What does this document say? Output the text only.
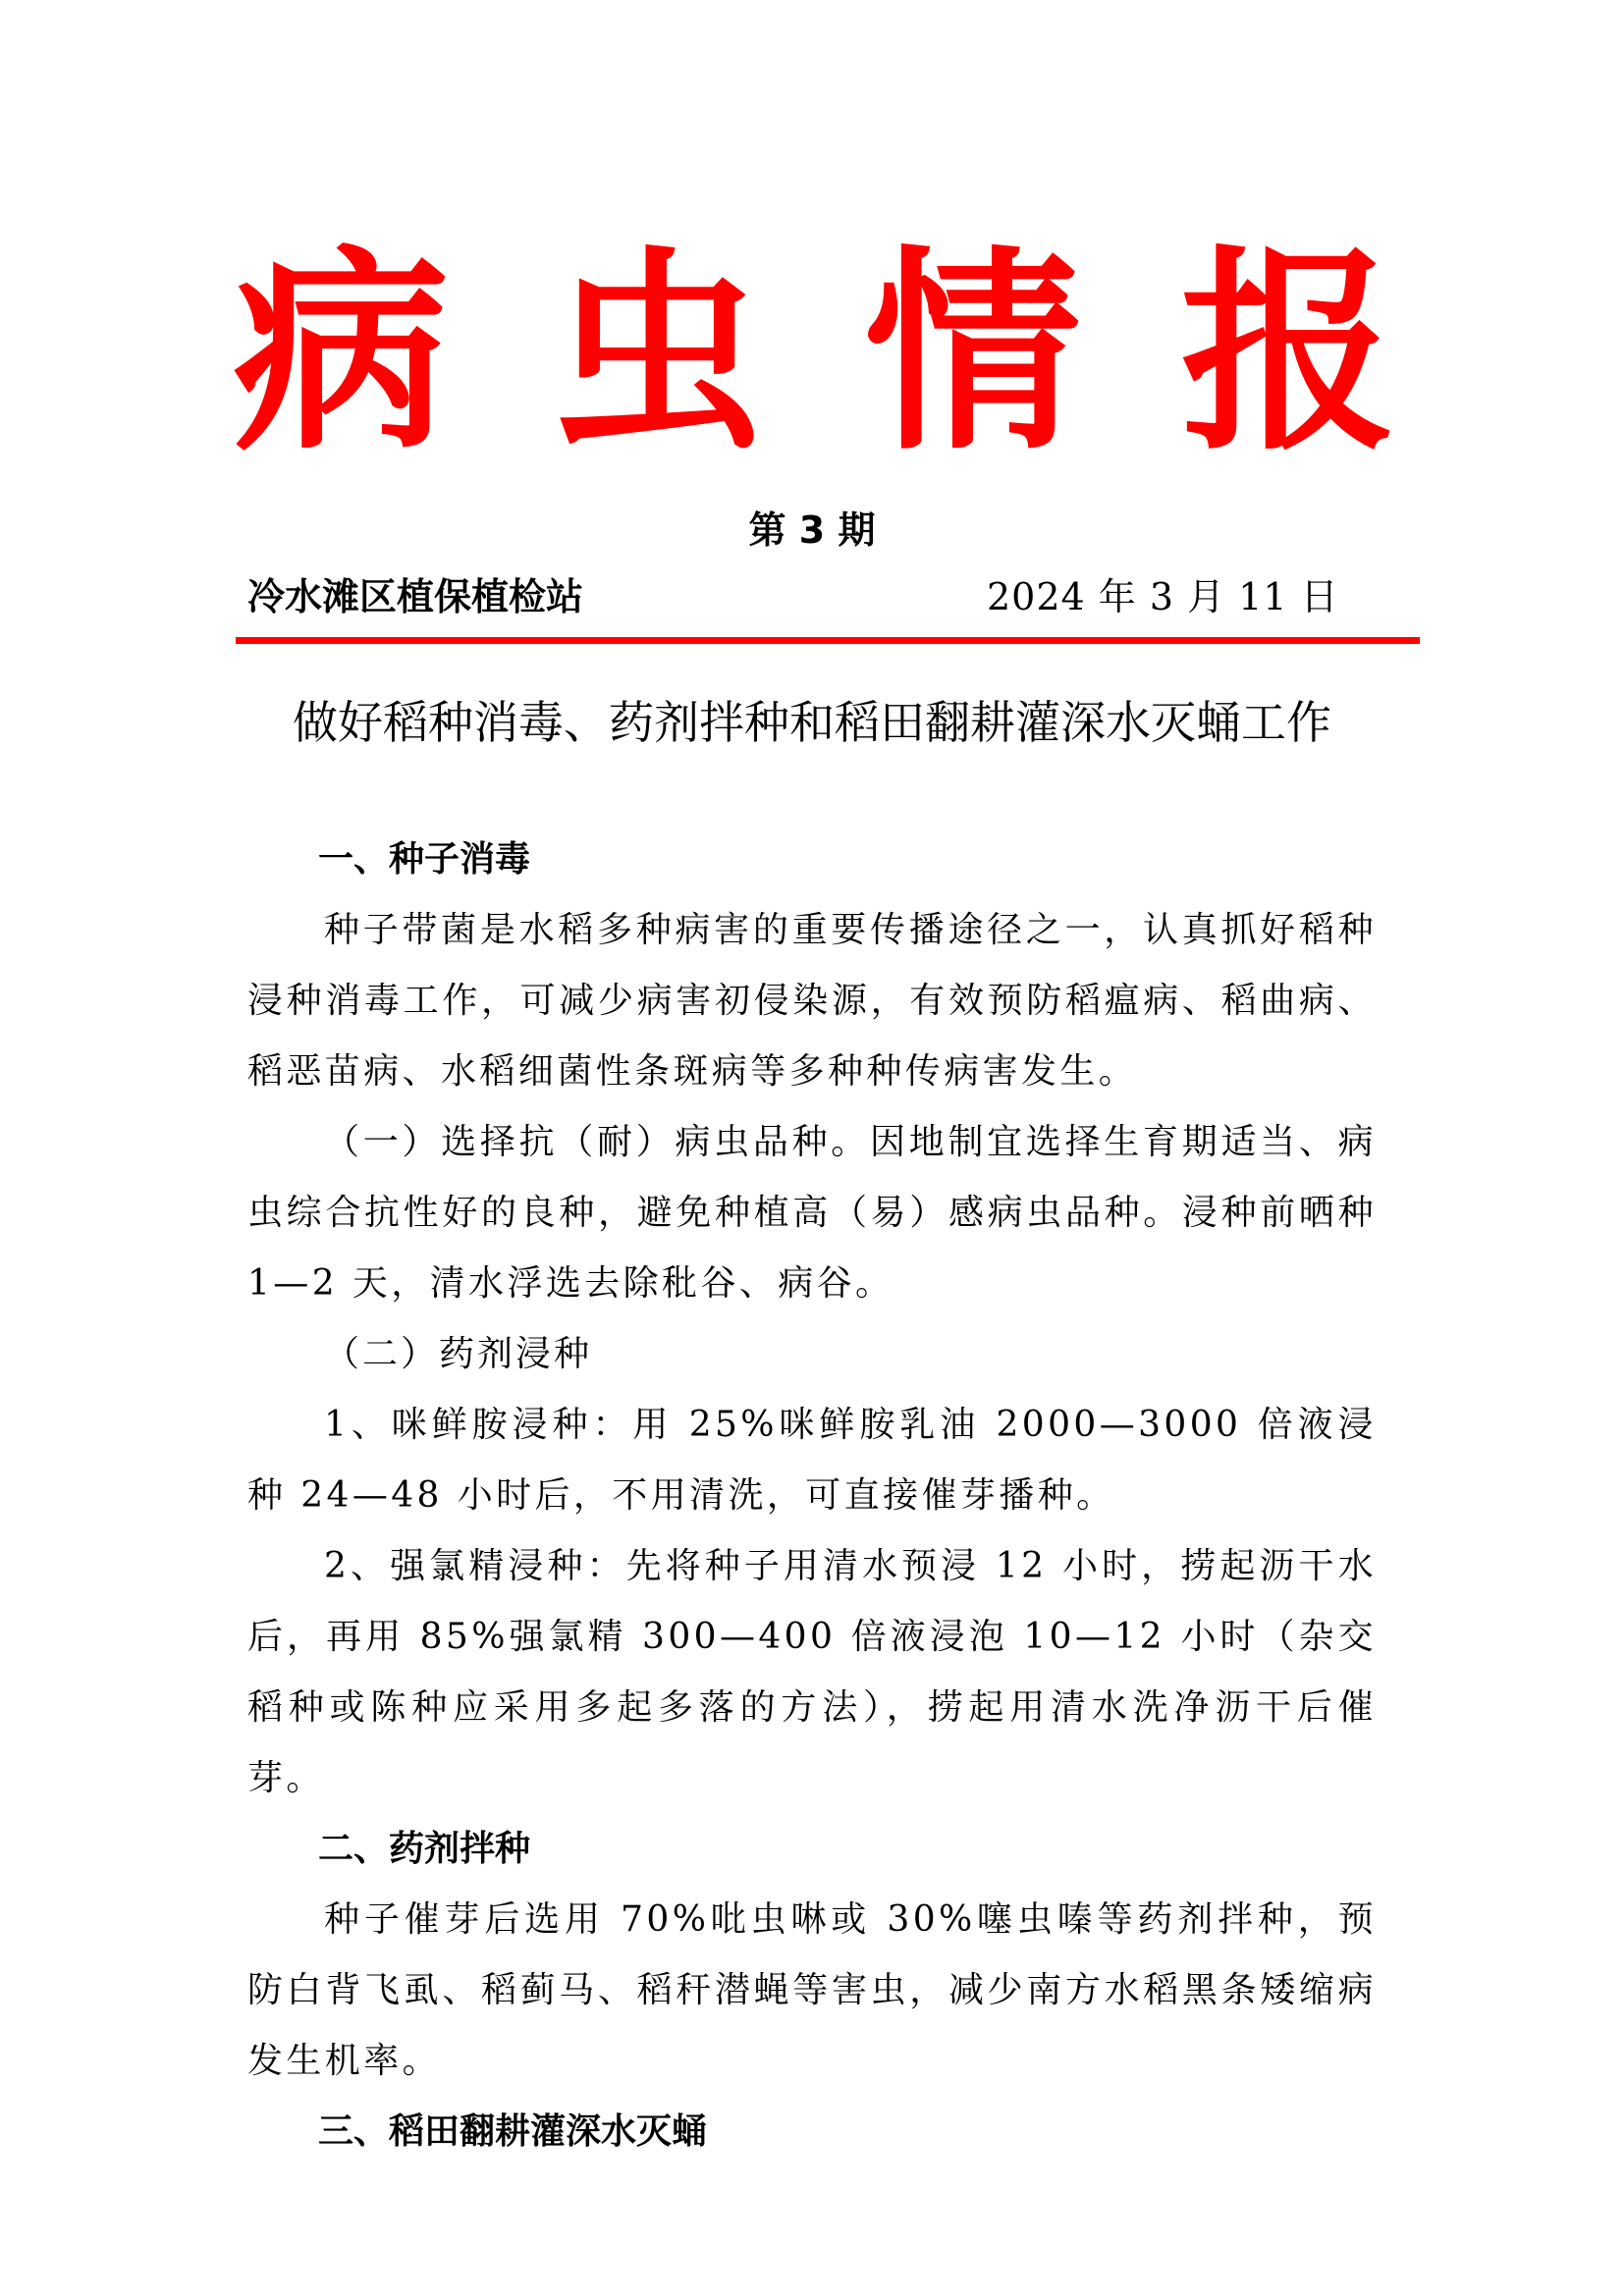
病 虫 情 报
第 3 期
冷水滩区植保植检站	2024 年 3 月 11 日
做好稻种消毒、药剂拌种和稻田翻耕灌深水灭蛹工作

一、种子消毒

种子带菌是水稻多种病害的重要传播途径之一，认真抓好稻种浸种消毒工作，可减少病害初侵染源，有效预防稻瘟病、稻曲病、稻恶苗病、水稻细菌性条斑病等多种种传病害发生。

（一）选择抗（耐）病虫品种。因地制宜选择生育期适当、病虫综合抗性好的良种，避免种植高（易）感病虫品种。浸种前晒种1—2 天，清水浮选去除秕谷、病谷。

（二）药剂浸种

1、咪鲜胺浸种：用 25%咪鲜胺乳油 2000—3000 倍液浸种 24—48 小时后，不用清洗，可直接催芽播种。

2、强氯精浸种：先将种子用清水预浸 12 小时，捞起沥干水后，再用 85%强氯精 300—400 倍液浸泡 10—12 小时（杂交稻种或陈种应采用多起多落的方法），捞起用清水洗净沥干后催芽。

二、药剂拌种

种子催芽后选用 70%吡虫啉或 30%噻虫嗪等药剂拌种，预防白背飞虱、稻蓟马、稻秆潜蝇等害虫，减少南方水稻黑条矮缩病发生机率。

三、稻田翻耕灌深水灭蛹
